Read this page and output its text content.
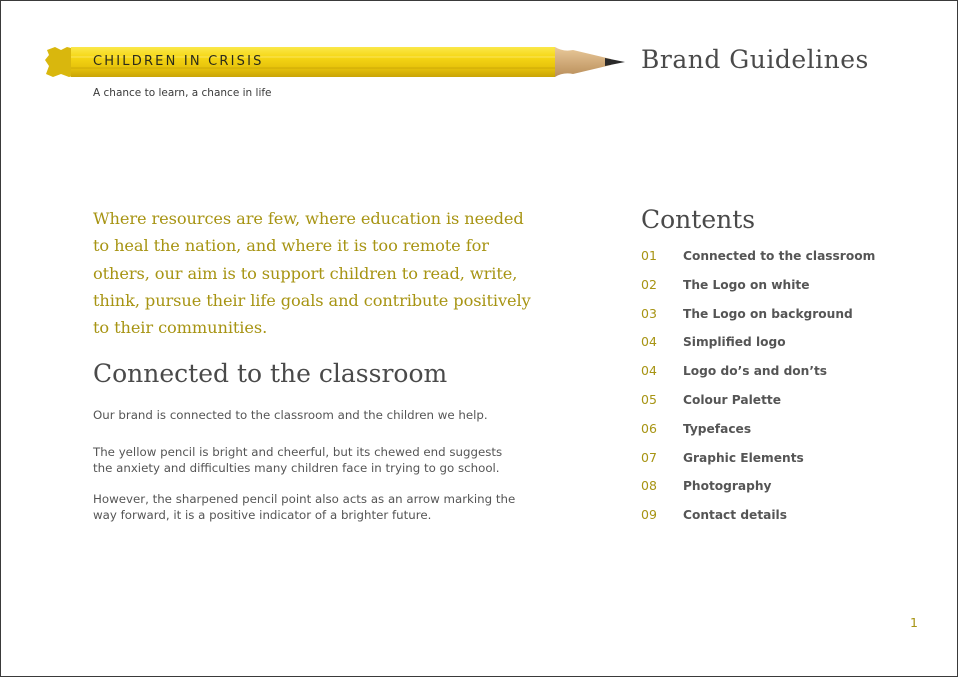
CHILDREN IN CRISIS
A chance to learn, a chance in life
Brand Guidelines
Where resources are few, where education is needed to heal the nation, and where it is too remote for others, our aim is to support children to read, write, think, pursue their life goals and contribute positively to their communities.
Connected to the classroom

Our brand is connected to the classroom and the children we help.

The yellow pencil is bright and cheerful, but its chewed end suggests the anxiety and difficulties many children face in trying to go school.

However, the sharpened pencil point also acts as an arrow marking the way forward, it is a positive indicator of a brighter future.

Contents
01 Connected to the classroom
02 The Logo on white
03 The Logo on background
04 Simplified logo
04 Logo do’s and don’ts
05 Colour Palette
06 Typefaces
07 Graphic Elements
08 Photography
09 Contact details
1
